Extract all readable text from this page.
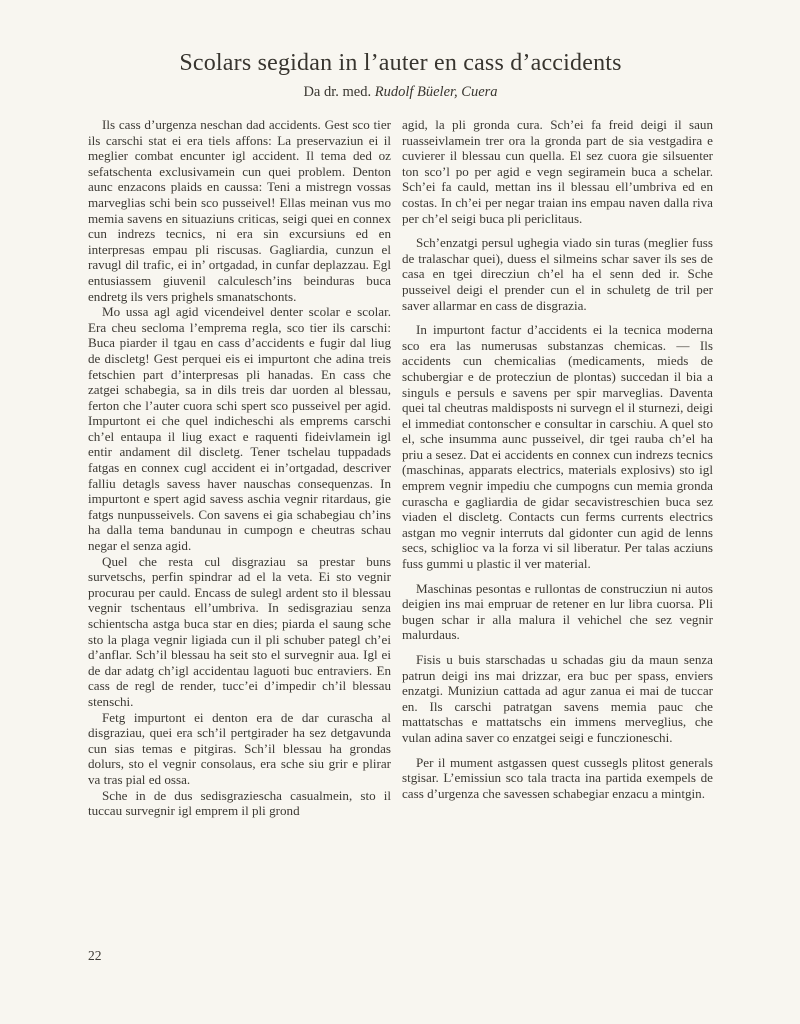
Scolars segidan in l’auter en cass d’accidents
Da dr. med. Rudolf Büeler, Cuera

Ils cass d’urgenza neschan dad accidents. Gest sco tier ils carschi stat ei era tiels affons: La preservaziun ei il meglier combat encunter igl accident. Il tema ded oz sefatschenta exclusivamein cun quei problem. Denton aunc enzacons plaids en caussa: Teni a mistregn vossas marveglias schi bein sco pusseivel! Ellas meinan vus mo memia savens en situaziuns criticas, seigi quei en connex cun indrezs tecnics, ni era sin excursiuns ed en interpresas empau pli riscusas. Gagliardia, cunzun el ravugl dil trafic, ei in’ ortgadad, in cunfar deplazzau. Egl entusiassem giuvenil calculesch’ins beinduras buca endretg ils vers prighels smanatschonts.

Mo ussa agl agid vicendeivel denter scolar e scolar. Era cheu secloma l’emprema regla, sco tier ils carschi: Buca piarder il tgau en cass d’accidents e fugir dal liug de discletg! Gest perquei eis ei impurtont che adina treis fetschien part d’interpresas pli hanadas. En cass che zatgei schabegia, sa in dils treis dar uorden al blessau, ferton che l’auter cuora schi spert sco pusseivel per agid. Impurtont ei che quel indicheschi als emprems carschi ch’el entaupa il liug exact e raquenti fideivlamein igl entir andament dil discletg. Tener tschelau tuppadads fatgas en connex cugl accident ei in’ortgadad, descriver falliu detagls savess haver nauschas consequenzas. In impurtont e spert agid savess aschia vegnir ritardaus, gie fatgs nunpusseivels. Con savens ei gia schabegiau ch’ins ha dalla tema bandunau in cumpogn e cheutras schau negar el senza agid.

Quel che resta cul disgraziau sa prestar buns survetschs, perfin spindrar ad el la veta. Ei sto vegnir procurau per cauld. Encass de sulegl ardent sto il blessau vegnir tschentaus ell’umbriva. In sedisgraziau senza schientscha astga buca star en dies; piarda el saung sche sto la plaga vegnir ligiada cun il pli schuber pategl ch’ei d’anflar. Sch’il blessau ha seit sto el survegnir aua. Igl ei de dar adatg ch’igl accidentau laguoti buc entraviers. En cass de regl de render, tucc’ei d’impedir ch’il blessau stenschi.

Fetg impurtont ei denton era de dar curascha al disgraziau, quei era sch’il pertgirader ha sez detgavunda cun sias temas e pitgiras. Sch’il blessau ha grondas dolurs, sto el vegnir consolaus, era sche siu grir e plirar va tras pial ed ossa.

Sche in de dus sedisgraziescha casualmein, sto il tuccau survegnir igl emprem il pli grond

agid, la pli gronda cura. Sch’ei fa freid deigi il saun ruasseivlamein trer ora la gronda part de sia vestgadira e cuvierer il blessau cun quella. El sez cuora gie silsuenter ton sco’l po per agid e vegn segiramein buca a schelar. Sch’ei fa cauld, mettan ins il blessau ell’umbriva ed en costas. In ch’ei per negar traian ins empau naven dalla riva per ch’el seigi buca pli periclitaus.

Sch’enzatgi persul ughegia viado sin turas (meglier fuss de tralaschar quei), duess el silmeins schar saver ils ses de casa en tgei direcziun ch’el ha el senn ded ir. Sche pusseivel deigi el prender cun el in schuletg de tril per saver allarmar en cass de disgrazia.

In impurtont factur d’accidents ei la tecnica moderna sco era las numerusas substanzas chemicas. — Ils accidents cun chemicalias (medicaments, mieds de schubergiar e de protecziun de plontas) succedan il bia a singuls e persuls e savens per spir marveglias. Daventa quei tal cheutras maldisposts ni survegn el il sturnezi, deigi el immediat contonscher e consultar in carschiu. A quel sto el, sche insumma aunc pusseivel, dir tgei rauba ch’el ha priu a sesez. Dat ei accidents en connex cun indrezs tecnics (maschinas, apparats electrics, materials explosivs) sto igl emprem vegnir impediu che cumpogns cun memia gronda curascha e gagliardia de gidar secavistreschien buca sez viaden el discletg. Contacts cun ferms currents electrics astgan mo vegnir interruts dal gidonter cun agid de lenns secs, schiglioc va la forza vi sil liberatur. Per talas acziuns fuss gummi u plastic il ver material.

Maschinas pesontas e rullontas de construcziun ni autos deigien ins mai empruar de retener en lur libra cuorsa. Pli bugen schar ir alla malura il vehichel che sez vegnir malurdaus.

Fisis u buis starschadas u schadas giu da maun senza patrun deigi ins mai drizzar, era buc per spass, enviers enzatgi. Muniziun cattada ad agur zanua ei mai de tuccar en. Ils carschi patratgan savens memia pauc che mattatschas e mattatschs ein immens merveglius, che vulan adina saver co enzatgei seigi e funczioneschi.

Per il mument astgassen quest cussegls plitost generals stgisar. L’emissiun sco tala tracta ina partida exempels de cass d’urgenza che savessen schabegiar enzacu a mintgin.

22
